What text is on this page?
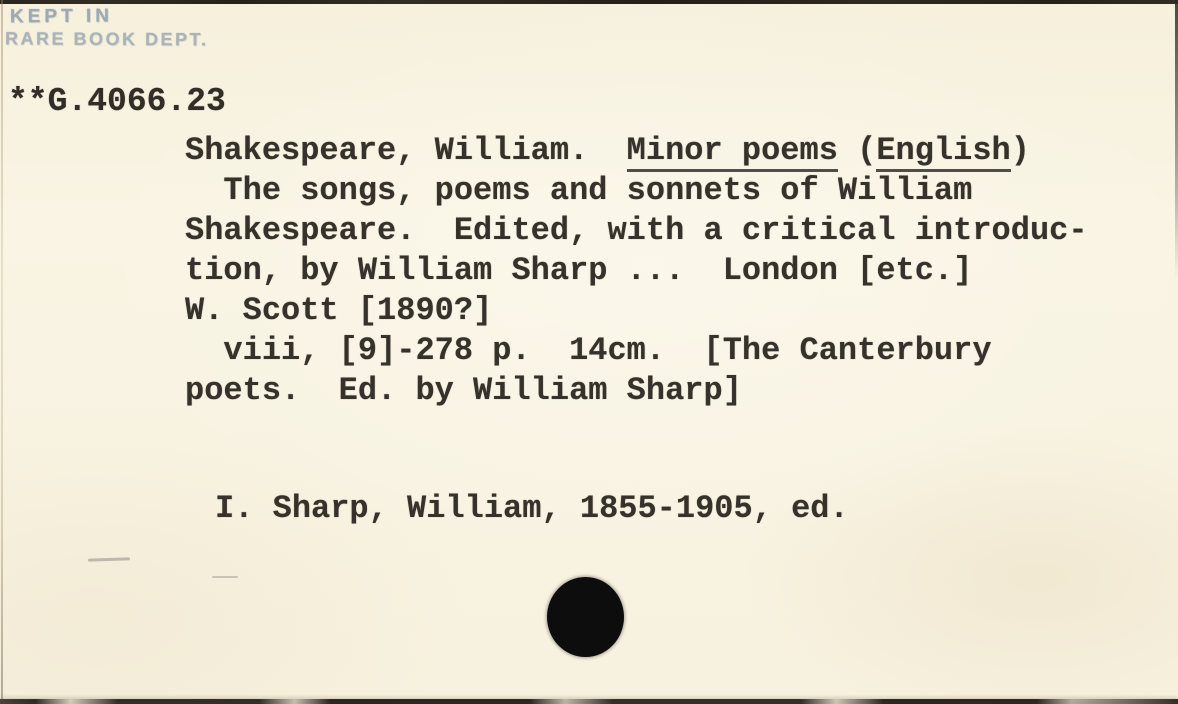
KEPT IN
RARE BOOK DEPT.
**G.4066.23
Shakespeare, William.  Minor poems (English)
The songs, poems and sonnets of William
Shakespeare.  Edited, with a critical introduc-
tion, by William Sharp ...  London [etc.]
W. Scott [1890?]
viii, [9]-278 p.  14cm.  [The Canterbury
poets.  Ed. by William Sharp]
I. Sharp, William, 1855-1905, ed.
